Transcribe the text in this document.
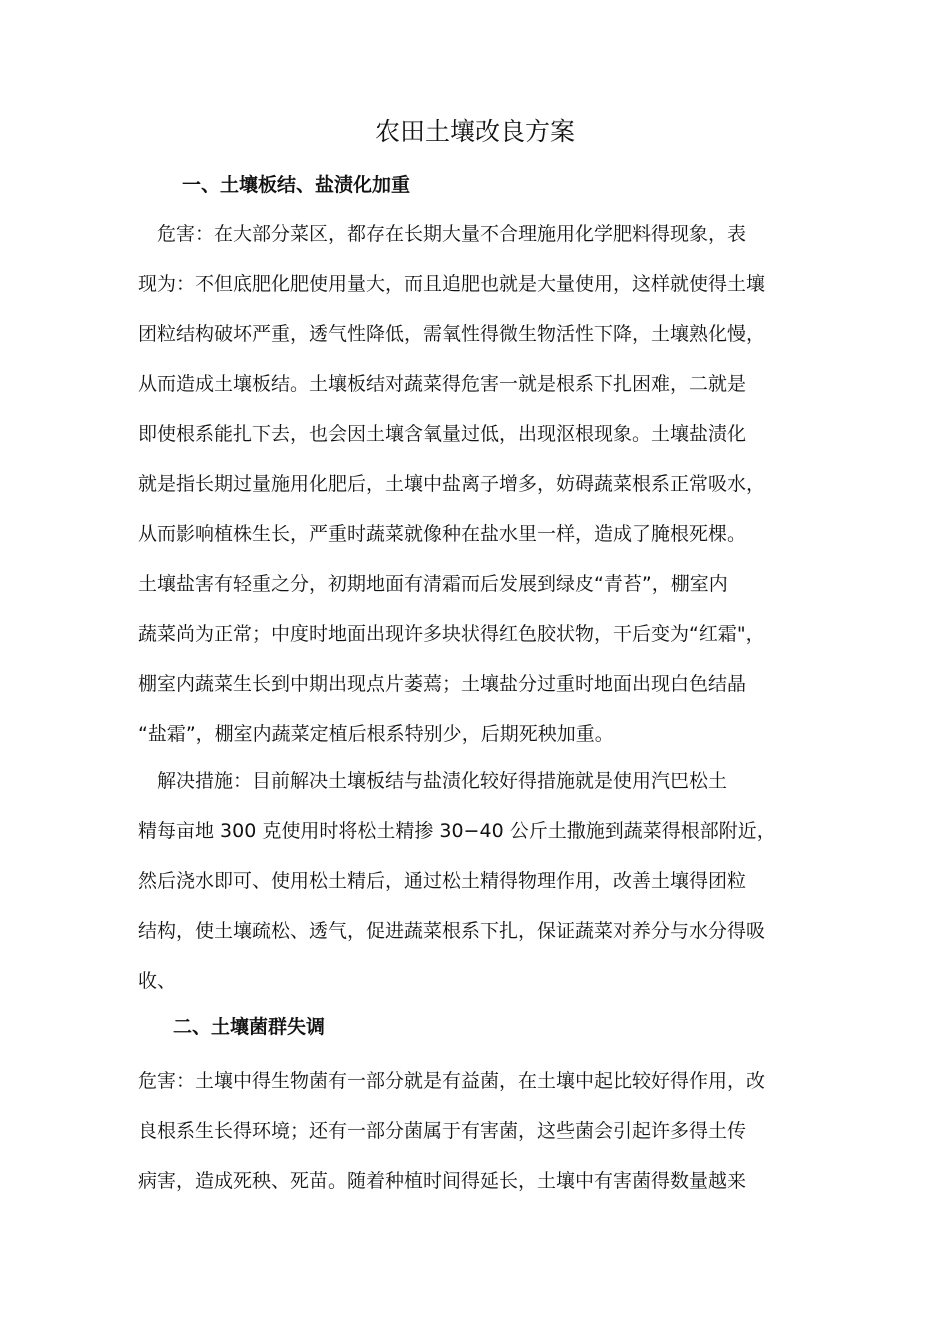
农田土壤改良方案
一、土壤板结、盐渍化加重
　危害：在大部分菜区，都存在长期大量不合理施用化学肥料得现象，表
现为：不但底肥化肥使用量大，而且追肥也就是大量使用，这样就使得土壤
团粒结构破坏严重，透气性降低，需氧性得微生物活性下降，土壤熟化慢，
从而造成土壤板结。土壤板结对蔬菜得危害一就是根系下扎困难，二就是
即使根系能扎下去，也会因土壤含氧量过低，出现沤根现象。土壤盐渍化
就是指长期过量施用化肥后，土壤中盐离子增多，妨碍蔬菜根系正常吸水，
从而影响植株生长，严重时蔬菜就像种在盐水里一样，造成了腌根死棵。
土壤盐害有轻重之分，初期地面有清霜而后发展到绿皮“青苔”，棚室内
蔬菜尚为正常；中度时地面出现许多块状得红色胶状物，干后变为“红霜"，
棚室内蔬菜生长到中期出现点片萎蔫；土壤盐分过重时地面出现白色结晶
“盐霜”，棚室内蔬菜定植后根系特别少，后期死秧加重。
　解决措施：目前解决土壤板结与盐渍化较好得措施就是使用汽巴松土
精每亩地 300 克使用时将松土精掺 30−40 公斤土撒施到蔬菜得根部附近，
然后浇水即可、使用松土精后，通过松土精得物理作用，改善土壤得团粒
结构，使土壤疏松、透气，促进蔬菜根系下扎，保证蔬菜对养分与水分得吸
收、
二、土壤菌群失调
危害：土壤中得生物菌有一部分就是有益菌，在土壤中起比较好得作用，改
良根系生长得环境；还有一部分菌属于有害菌，这些菌会引起许多得土传
病害，造成死秧、死苗。随着种植时间得延长，土壤中有害菌得数量越来
